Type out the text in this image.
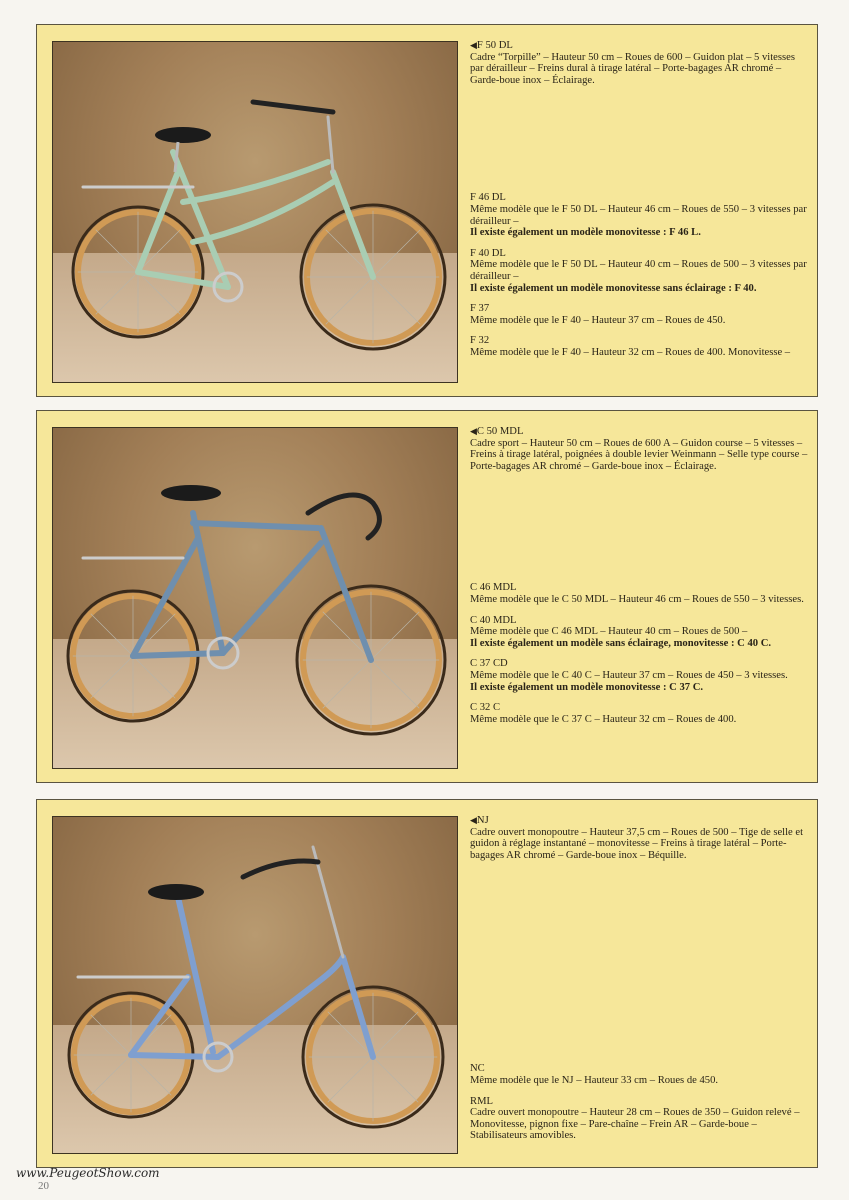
◀F 50 DL

Cadre “Torpille” – Hauteur 50 cm – Roues de 600 – Guidon plat – 5 vitesses par dérailleur – Freins dural à tirage latéral – Porte-bagages AR chromé – Garde-boue inox – Éclairage.

F 46 DL

Même modèle que le F 50 DL – Hauteur 46 cm – Roues de 550 – 3 vitesses par dérailleur –

Il existe également un modèle monovitesse : F 46 L.

F 40 DL

Même modèle que le F 50 DL – Hauteur 40 cm – Roues de 500 – 3 vitesses par dérailleur –

Il existe également un modèle monovitesse sans éclairage : F 40.

F 37

Même modèle que le F 40 – Hauteur 37 cm – Roues de 450.

F 32

Même modèle que le F 40 – Hauteur 32 cm – Roues de 400. Monovitesse –

◀C 50 MDL

Cadre sport – Hauteur 50 cm – Roues de 600 A – Guidon course – 5 vitesses – Freins à tirage latéral, poignées à double levier Weinmann – Selle type course – Porte-bagages AR chromé – Garde-boue inox – Éclairage.

C 46 MDL

Même modèle que le C 50 MDL – Hauteur 46 cm – Roues de 550 – 3 vitesses.

C 40 MDL

Même modèle que C 46 MDL – Hauteur 40 cm – Roues de 500 –

Il existe également un modèle sans éclairage, monovitesse : C 40 C.

C 37 CD

Même modèle que le C 40 C – Hauteur 37 cm – Roues de 450 – 3 vitesses.

Il existe également un modèle monovitesse : C 37 C.

C 32 C

Même modèle que le C 37 C – Hauteur 32 cm – Roues de 400.

◀NJ

Cadre ouvert monopoutre – Hauteur 37,5 cm – Roues de 500 – Tige de selle et guidon à réglage instantané – monovitesse – Freins à tirage latéral – Porte-bagages AR chromé – Garde-boue inox – Béquille.

NC

Même modèle que le NJ – Hauteur 33 cm – Roues de 450.

RML

Cadre ouvert monopoutre – Hauteur 28 cm – Roues de 350 – Guidon relevé – Monovitesse, pignon fixe – Pare-chaîne – Frein AR – Garde-boue – Stabilisateurs amovibles.

www.PeugeotShow.com
20
